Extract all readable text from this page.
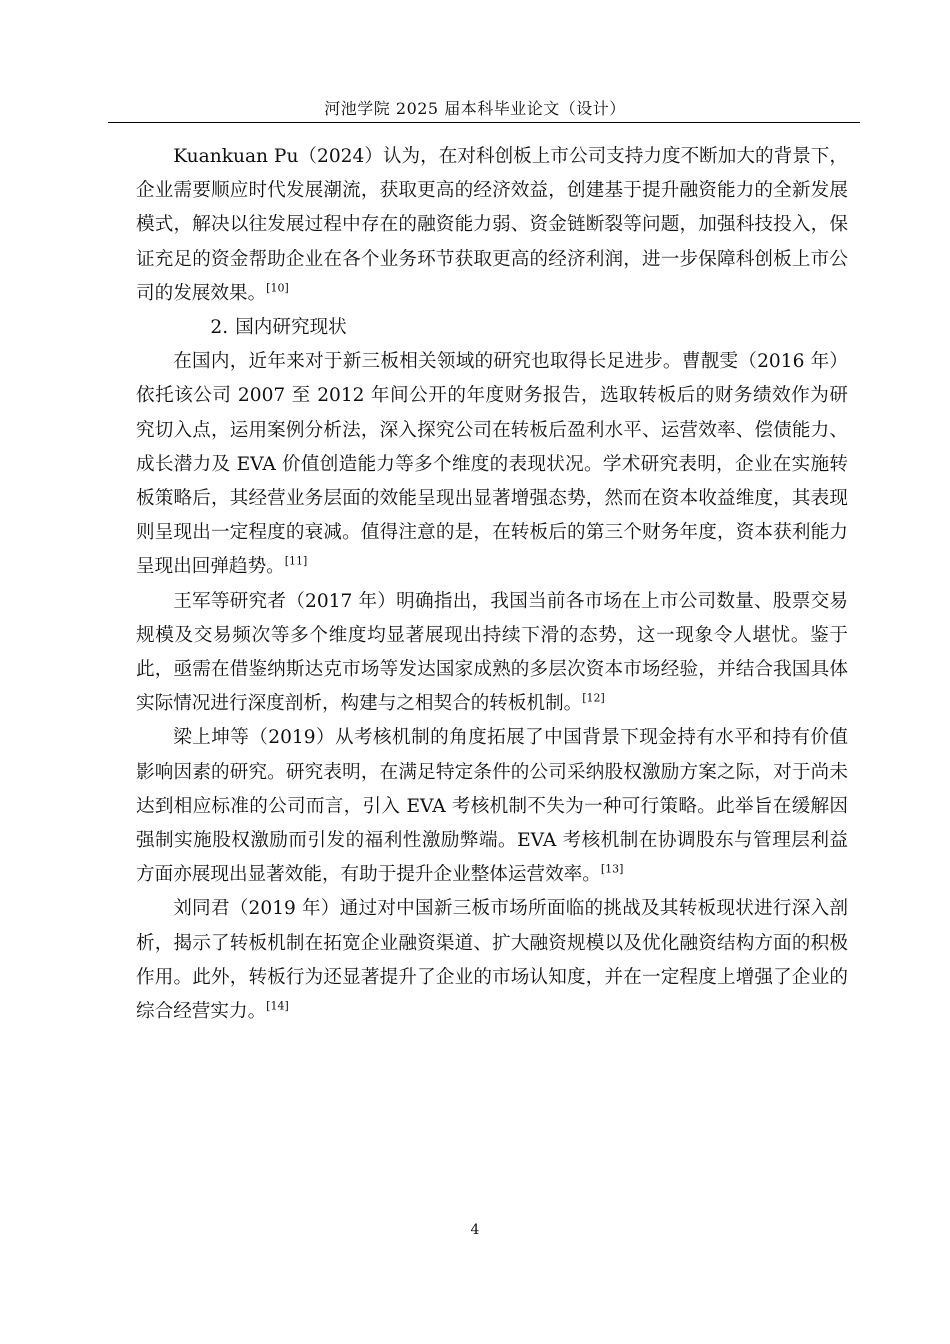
河池学院 2025 届本科毕业论文（设计）

Kuankuan Pu（2024）认为，在对科创板上市公司支持力度不断加大的背景下，企业需要顺应时代发展潮流，获取更高的经济效益，创建基于提升融资能力的全新发展模式，解决以往发展过程中存在的融资能力弱、资金链断裂等问题，加强科技投入，保证充足的资金帮助企业在各个业务环节获取更高的经济利润，进一步保障科创板上市公司的发展效果。[10]

2. 国内研究现状

在国内，近年来对于新三板相关领域的研究也取得长足进步。曹靓雯（2016 年）依托该公司 2007 至 2012 年间公开的年度财务报告，选取转板后的财务绩效作为研究切入点，运用案例分析法，深入探究公司在转板后盈利水平、运营效率、偿债能力、成长潜力及 EVA 价值创造能力等多个维度的表现状况。学术研究表明，企业在实施转板策略后，其经营业务层面的效能呈现出显著增强态势，然而在资本收益维度，其表现则呈现出一定程度的衰减。值得注意的是，在转板后的第三个财务年度，资本获利能力呈现出回弹趋势。[11]

王军等研究者（2017 年）明确指出，我国当前各市场在上市公司数量、股票交易规模及交易频次等多个维度均显著展现出持续下滑的态势，这一现象令人堪忧。鉴于此，亟需在借鉴纳斯达克市场等发达国家成熟的多层次资本市场经验，并结合我国具体实际情况进行深度剖析，构建与之相契合的转板机制。[12]

梁上坤等（2019）从考核机制的角度拓展了中国背景下现金持有水平和持有价值影响因素的研究。研究表明，在满足特定条件的公司采纳股权激励方案之际，对于尚未达到相应标准的公司而言，引入 EVA 考核机制不失为一种可行策略。此举旨在缓解因强制实施股权激励而引发的福利性激励弊端。EVA 考核机制在协调股东与管理层利益方面亦展现出显著效能，有助于提升企业整体运营效率。[13]

刘同君（2019 年）通过对中国新三板市场所面临的挑战及其转板现状进行深入剖析，揭示了转板机制在拓宽企业融资渠道、扩大融资规模以及优化融资结构方面的积极作用。此外，转板行为还显著提升了企业的市场认知度，并在一定程度上增强了企业的综合经营实力。[14]

4
